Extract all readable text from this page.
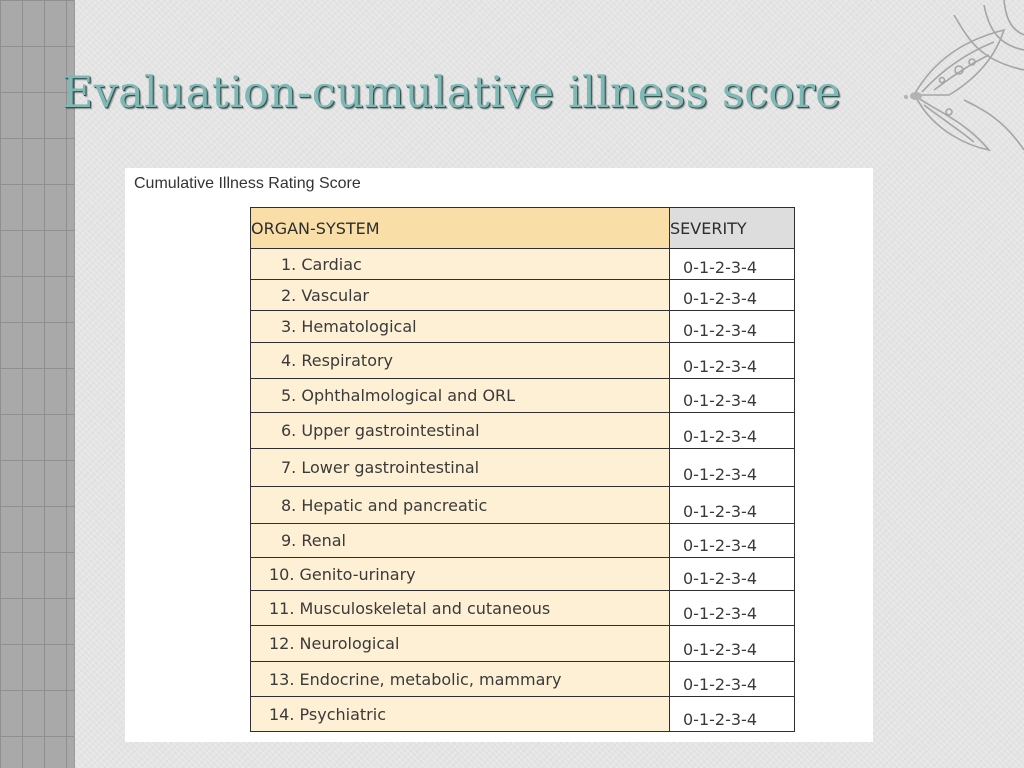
Evaluation-cumulative illness score
Cumulative Illness Rating Score
ORGAN-SYSTEM	SEVERITY
1. Cardiac	0-1-2-3-4
2. Vascular	0-1-2-3-4
3. Hematological	0-1-2-3-4
4. Respiratory	0-1-2-3-4
5. Ophthalmological and ORL	0-1-2-3-4
6. Upper gastrointestinal	0-1-2-3-4
7. Lower gastrointestinal	0-1-2-3-4
8. Hepatic and pancreatic	0-1-2-3-4
9. Renal	0-1-2-3-4
10. Genito-urinary	0-1-2-3-4
11. Musculoskeletal and cutaneous	0-1-2-3-4
12. Neurological	0-1-2-3-4
13. Endocrine, metabolic, mammary	0-1-2-3-4
14. Psychiatric	0-1-2-3-4
